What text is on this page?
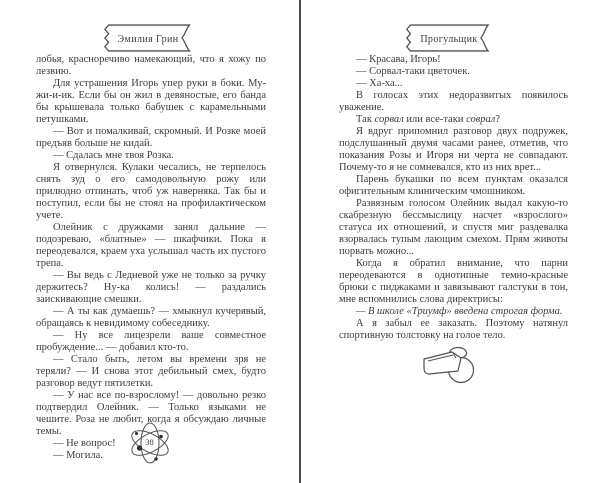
Эмилия Грин

лобья, красноречиво намекающий, что я хожу по лезвию.

Для устрашения Игорь упер руки в боки. Му-жи-и-ик. Если бы он жил в девяностые, его банда бы крышевала только бабушек с карамельными петушками.

— Вот и помалкивай, скромный. И Розке моей предъяв больше не кидай.

— Сдалась мне твоя Розка.

Я отвернулся. Кулаки чесались, не терпелось снять зуд о его самодовольную рожу или прилюдно отпинать, чтоб уж наверняка. Так бы и поступил, если бы не стоял на профилактическом учете.

Олейник с дружками занял дальние — подозреваю, «блатные» — шкафчики. Пока я переодевался, краем уха услышал часть их пустого трепа.

— Вы ведь с Ледневой уже не только за ручку держитесь? Ну-ка колись! — раздались заискивающие смешки.

— А ты как думаешь? — хмыкнул кучерявый, обращаясь к невидимому собеседнику.

— Ну все лицезрели ваше совместное пробуждение... — добавил кто-то.

— Стало быть, летом вы времени зря не теряли? — И снова этот дебильный смех, будто разговор ведут пятилетки.

— У нас все по-взрослому! — довольно резко подтвердил Олейник. — Только языками не чешите. Роза не любит, когда я обсуждаю личные темы.

— Не вопрос!

— Могила.

38
Прогульщик

— Красава, Игорь!

— Сорвал-таки цветочек.

— Ха-ха...

В голосах этих недоразвитых появилось уважение.

Так сорвал или все-таки соврал?

Я вдруг припомнил разговор двух подружек, подслушанный двумя часами ранее, отметив, что показания Розы и Игоря ни черта не совпадают. Почему-то я не сомневался, кто из них врет...

Парень букашки по всем пунктам оказался офигительным клиническим чмошником.

Развязным голосом Олейник выдал какую-то скабрезную бессмыслицу насчет «взрослого» статуса их отношений, и спустя миг раздевалка взорвалась тупым лающим смехом. Прям животы порвать можно...

Когда я обратил внимание, что парни переодеваются в однотипные темно-красные брюки с пиджаками и завязывают галстуки в тон, мне вспомнились слова директрисы:

— В школе «Триумф» введена строгая форма.

А я забыл ее заказать. Поэтому натянул спортивную толстовку на голое тело.
